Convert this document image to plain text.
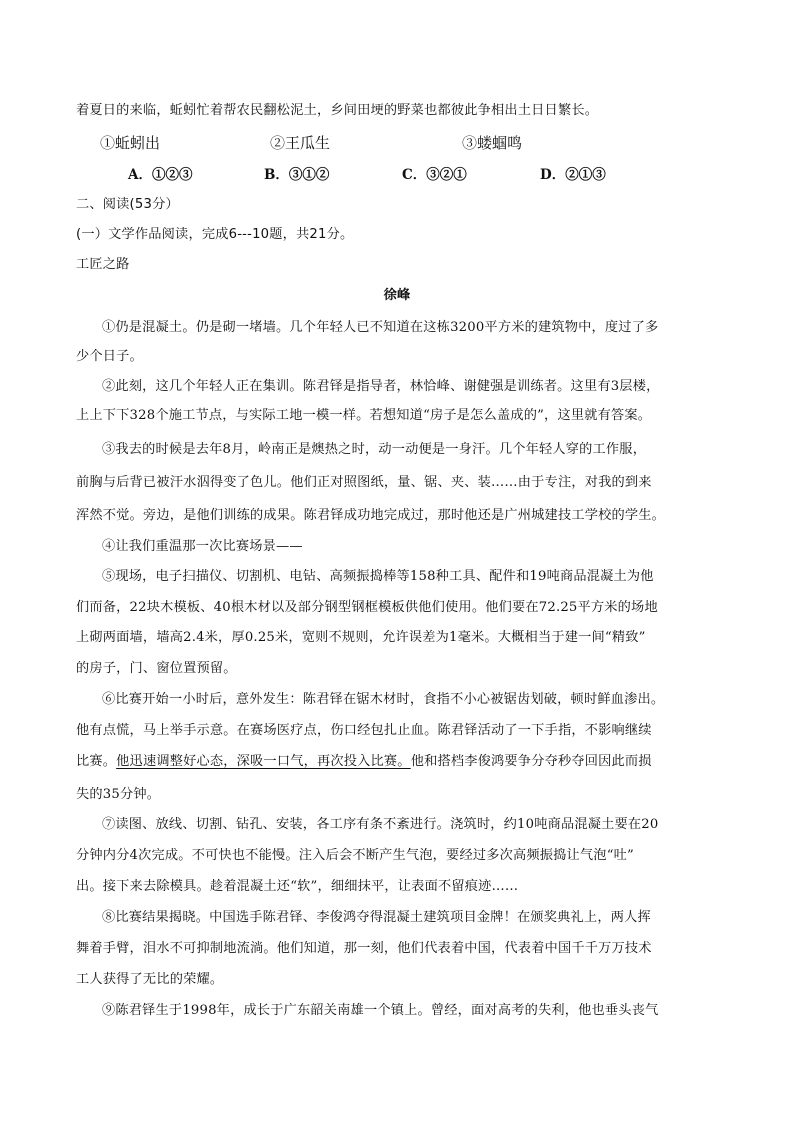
着夏日的来临，蚯蚓忙着帮农民翻松泥土，乡间田埂的野菜也都彼此争相出土日日繁长。
①蚯蚓出	②王瓜生	③蝼蝈鸣
A．①②③	B．③①②	C．③②①	D．②①③
二、阅读(53分）
(一）文学作品阅读，完成6---10题，共21分。
工匠之路
徐峰
①仍是混凝土。仍是砌一堵墙。几个年轻人已不知道在这栋3200平方米的建筑物中，度过了多
少个日子。
②此刻，这几个年轻人正在集训。陈君铎是指导者，林恰峰、谢健强是训练者。这里有3层楼，
上上下下328个施工节点，与实际工地一模一样。若想知道“房子是怎么盖成的”，这里就有答案。
③我去的时候是去年8月，岭南正是燠热之时，动一动便是一身汗。几个年轻人穿的工作服，
前胸与后背已被汗水泅得变了色儿。他们正对照图纸，量、锯、夹、装……由于专注，对我的到来
浑然不觉。旁边，是他们训练的成果。陈君铎成功地完成过，那时他还是广州城建技工学校的学生。
④让我们重温那一次比赛场景——
⑤现场，电子扫描仪、切割机、电钻、高频振捣棒等158种工具、配件和19吨商品混凝土为他
们而备，22块木模板、40根木材以及部分钢型钢框模板供他们使用。他们要在72.25平方米的场地
上砌两面墙，墙高2.4米，厚0.25米，宽则不规则，允许误差为1毫米。大概相当于建一间“精致”
的房子，门、窗位置预留。
⑥比赛开始一小时后，意外发生：陈君铎在锯木材时，食指不小心被锯齿划破，顿时鲜血渗出。
他有点慌，马上举手示意。在赛场医疗点，伤口经包扎止血。陈君铎活动了一下手指，不影响继续
比赛。他迅速调整好心态，深吸一口气，再次投入比赛。他和搭档李俊鸿要争分夺秒夺回因此而损
失的35分钟。
⑦读图、放线、切割、钻孔、安装，各工序有条不紊进行。浇筑时，约10吨商品混凝土要在20
分钟内分4次完成。不可快也不能慢。注入后会不断产生气泡，要经过多次高频振捣让气泡“吐”
出。接下来去除模具。趁着混凝土还“软”，细细抹平，让表面不留痕迹……
⑧比赛结果揭晓。中国选手陈君铎、李俊鸿夺得混凝土建筑项目金牌！在颁奖典礼上，两人挥
舞着手臂，泪水不可抑制地流淌。他们知道，那一刻，他们代表着中国，代表着中国千千万万技术
工人获得了无比的荣耀。
⑨陈君铎生于1998年，成长于广东韶关南雄一个镇上。曾经，面对高考的失利，他也垂头丧气
